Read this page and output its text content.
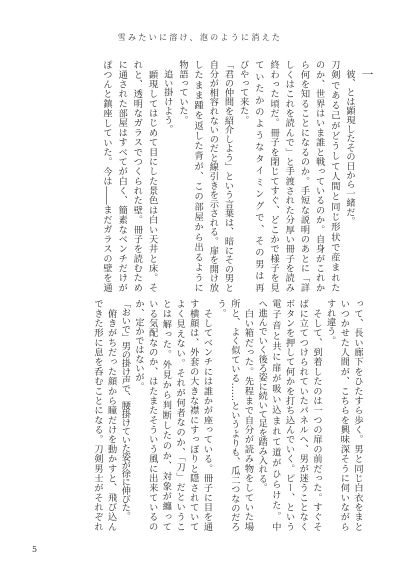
雪みたいに溶け、泡のように消えた
一
　彼、とは顕現したその日から一緒だ。
刀剣である己がどうして人間と同じ形状で産まれた
のか、世界はいま誰と戦っているのか。自身がこれか
ら何を知ることになるのか。手短な説明のあとに「詳
しくはこれを読んで」と手渡された分厚い冊子を読み
終わった頃だ。冊子を閉じてすぐ、どこかで様子を見
ていたかのようなタイミングで、その男は再
びやって来た。
「君の仲間を紹介しよう」という言葉は、暗にその男と
自分が相容れないのだと線引きを示される。扉を開け放
したまま踵を返した背が、この部屋から出るように
物語っていた。
　追い掛けよう。
　顕現してはじめて目にした景色は白い天井と床。そ
れと、透明なガラスでつくられた壁。冊子を読むため
に通された部屋はすべてが白く、簡素なベンチだけが
ぽつんと鎮座していた。今は――まだガラスの壁を通
って、長い廊下をひたすら歩く。男と同じ白衣をまと
いつかせた人間が、こちらを興味深そうに伺いながら
すれ違う。
　そして、到着したのは一つの扉の前だった。すぐそ
ばに立てつけられていたパネルへ、男が迷うことなく
ボタンを押して何かを打ち込んでいく。ピー、という
電子音と共に扉が吸い込まれて道がひらけた。中
へ進んでいく後ろ姿に続いて足を踏み入れる。
　白い箱だった。先程まで自分が読み物をしていた場
所と、よく似ている……というよりも、瓜二つなのだろ
う。
　そしてベンチには誰かが座っている。冊子に目を通
す横顔は、外套の大きな襟にすっぽりと隠されていて
よく見えない。それが何者なのか、「刀」だというこ
とは解った。外見から判断したのか、対象が纏って
いる気配なのか、はたまたそういう風に出来ているの
か、定かではないが。
「おいで」男の掛け声で、腰掛けていた姿が徐に伸びた。
　俯きがちだった顔から瞳だけを動かすと、飛び込ん
できた形に息を呑むことになる。刀剣男士がそれぞれ
5
